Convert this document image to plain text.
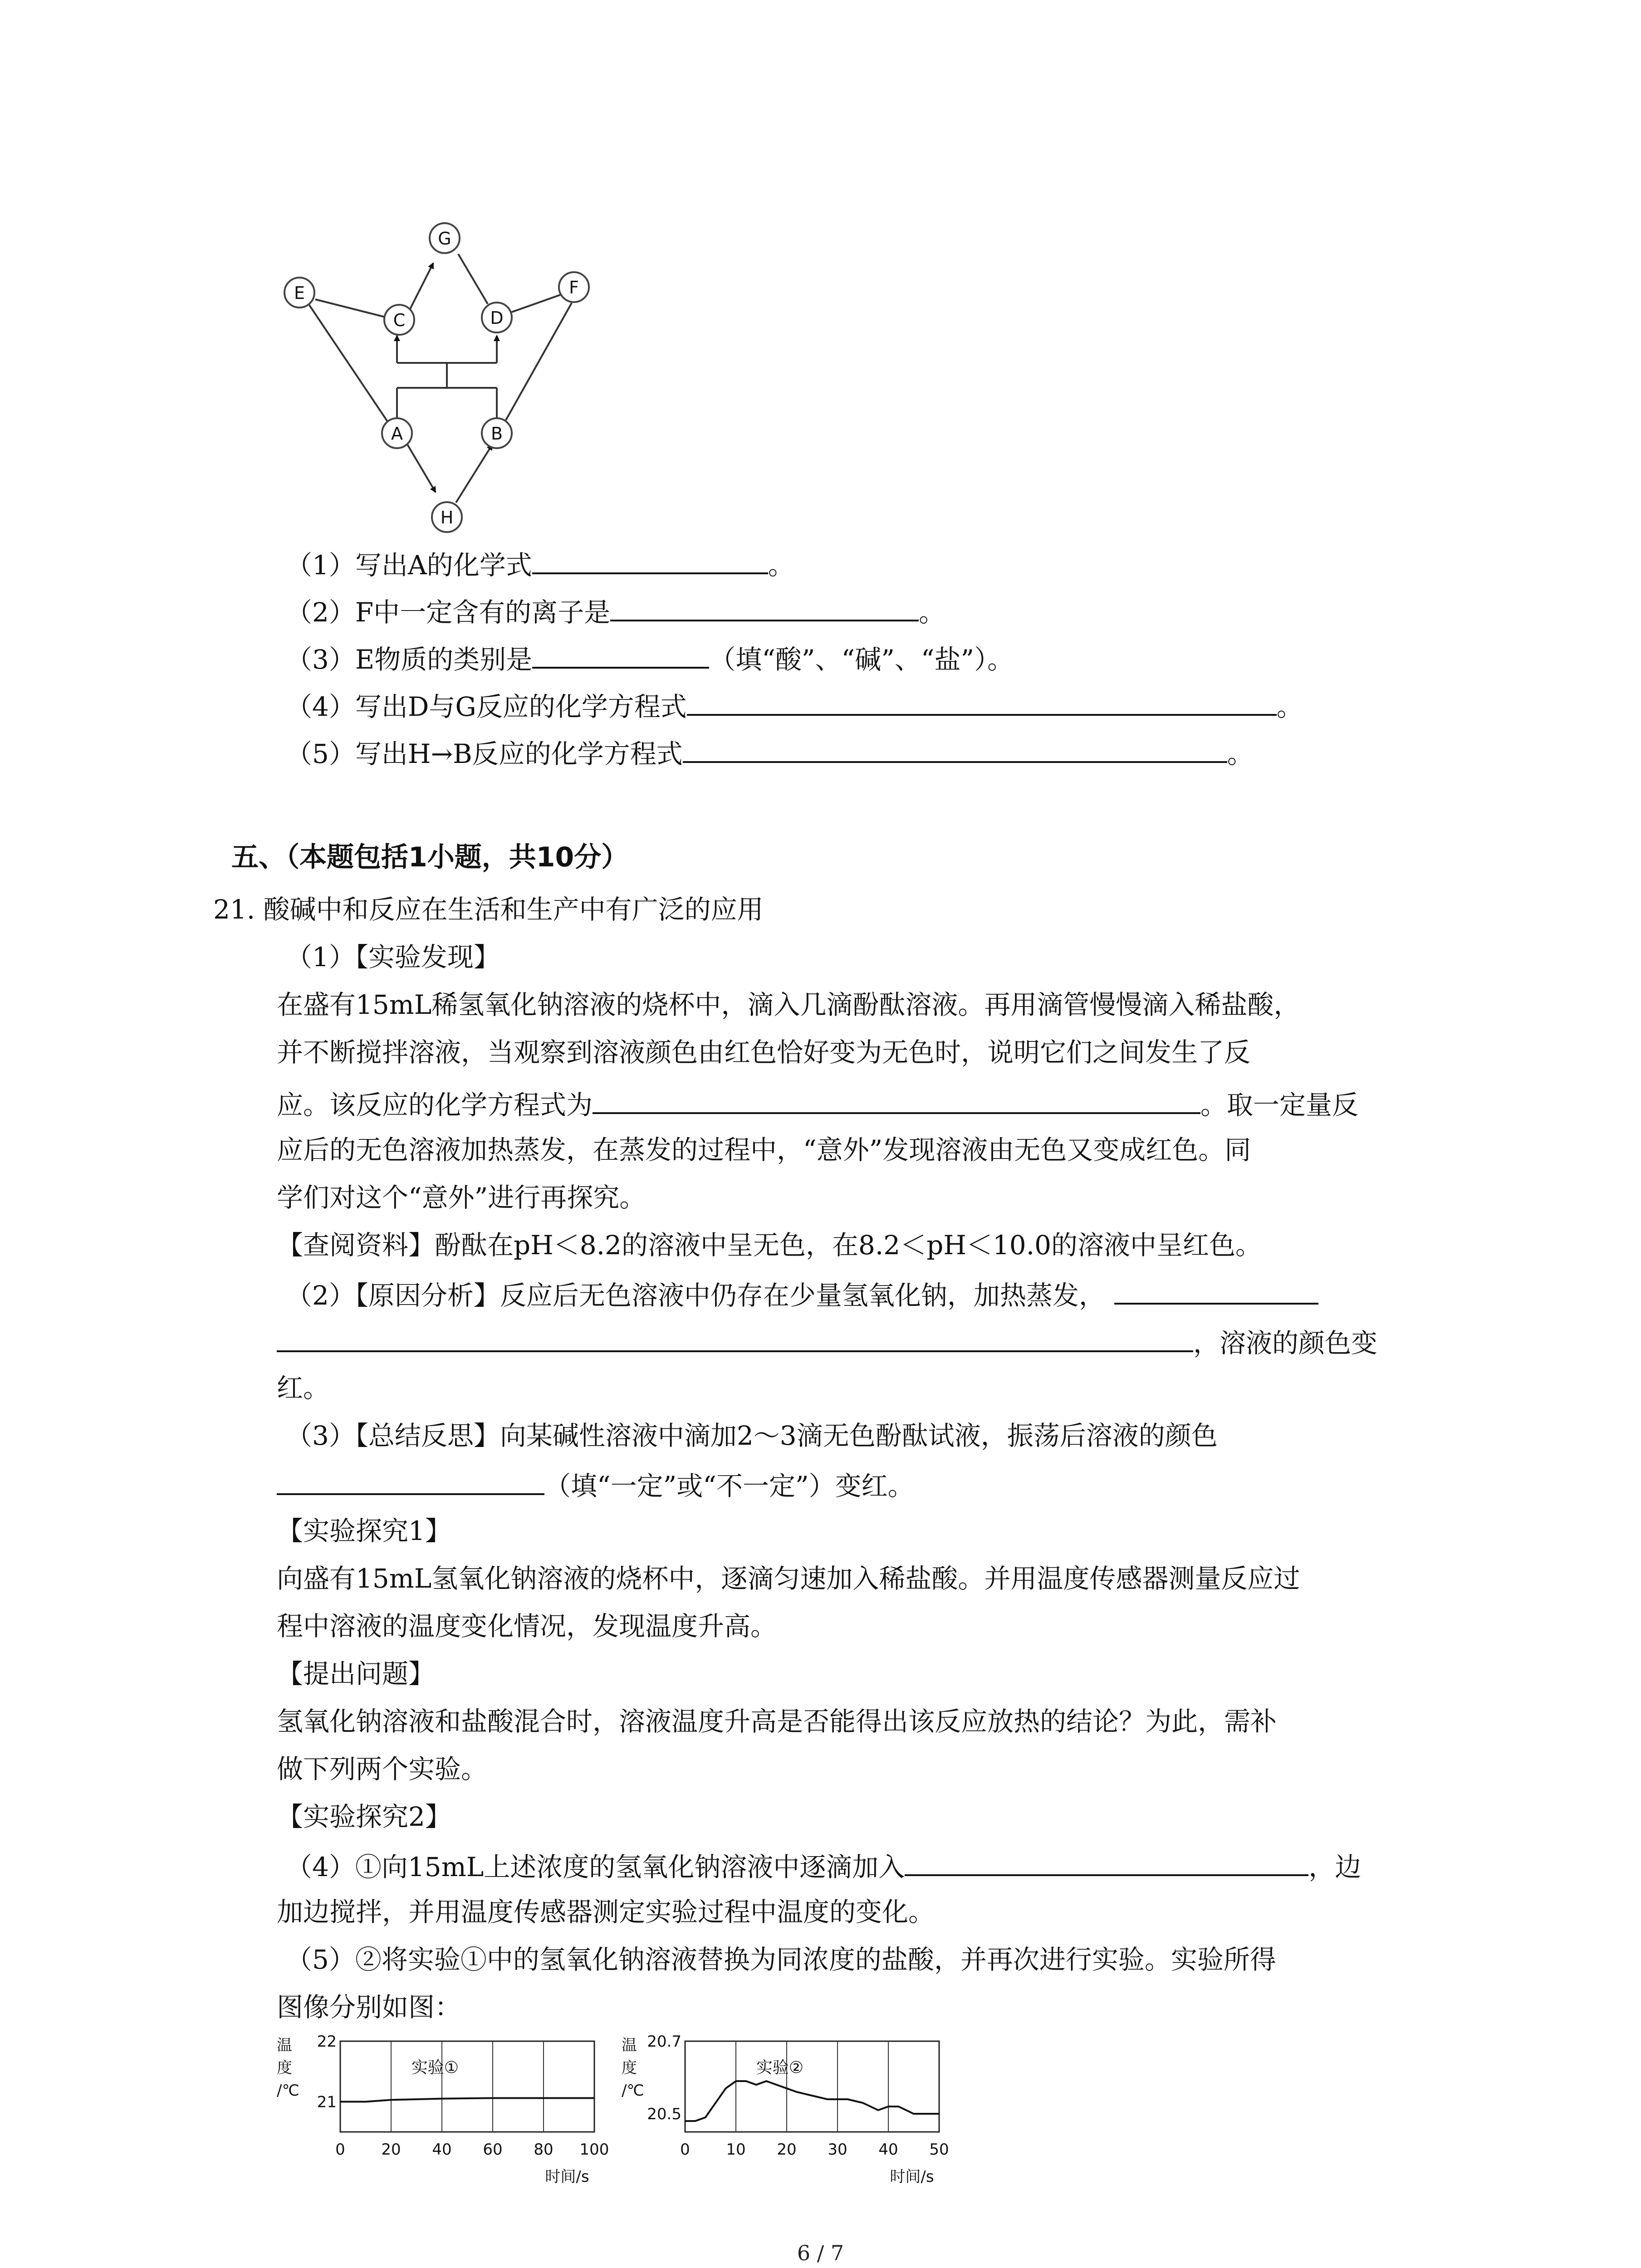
G
E	F
C	D
A	B
H
（1）写出A的化学式	。
（2）F中一定含有的离子是	。
（3）E物质的类别是	（填“酸”、“碱”、“盐”）。
（4）写出D与G反应的化学方程式	。
（5）写出H→B反应的化学方程式	。
五、（本题包括1小题，共10分）
21. 酸碱中和反应在生活和生产中有广泛的应用
（1）【实验发现】
在盛有15mL稀氢氧化钠溶液的烧杯中，滴入几滴酚酞溶液。再用滴管慢慢滴入稀盐酸，
并不断搅拌溶液，当观察到溶液颜色由红色恰好变为无色时，说明它们之间发生了反
应。该反应的化学方程式为	。取一定量反
应后的无色溶液加热蒸发，在蒸发的过程中，“意外”发现溶液由无色又变成红色。同
学们对这个“意外”进行再探究。
【查阅资料】酚酞在pH＜8.2的溶液中呈无色，在8.2＜pH＜10.0的溶液中呈红色。
（2）【原因分析】反应后无色溶液中仍存在少量氢氧化钠，加热蒸发，
，溶液的颜色变
红。
（3）【总结反思】向某碱性溶液中滴加2～3滴无色酚酞试液，振荡后溶液的颜色
（填“一定”或“不一定”）变红。
【实验探究1】
向盛有15mL氢氧化钠溶液的烧杯中，逐滴匀速加入稀盐酸。并用温度传感器测量反应过
程中溶液的温度变化情况，发现温度升高。
【提出问题】
氢氧化钠溶液和盐酸混合时，溶液温度升高是否能得出该反应放热的结论？为此，需补
做下列两个实验。
【实验探究2】
（4）①向15mL上述浓度的氢氧化钠溶液中逐滴加入	，边
加边搅拌，并用温度传感器测定实验过程中温度的变化。
（5）②将实验①中的氢氧化钠溶液替换为同浓度的盐酸，并再次进行实验。实验所得
图像分别如图：
0 20 40 60 80 100
21
22
温
度
/℃
时间/s
实验①
0 10 20 30 40 50
20.5
20.7
温
度
/℃
时间/s
实验②
6 / 7
